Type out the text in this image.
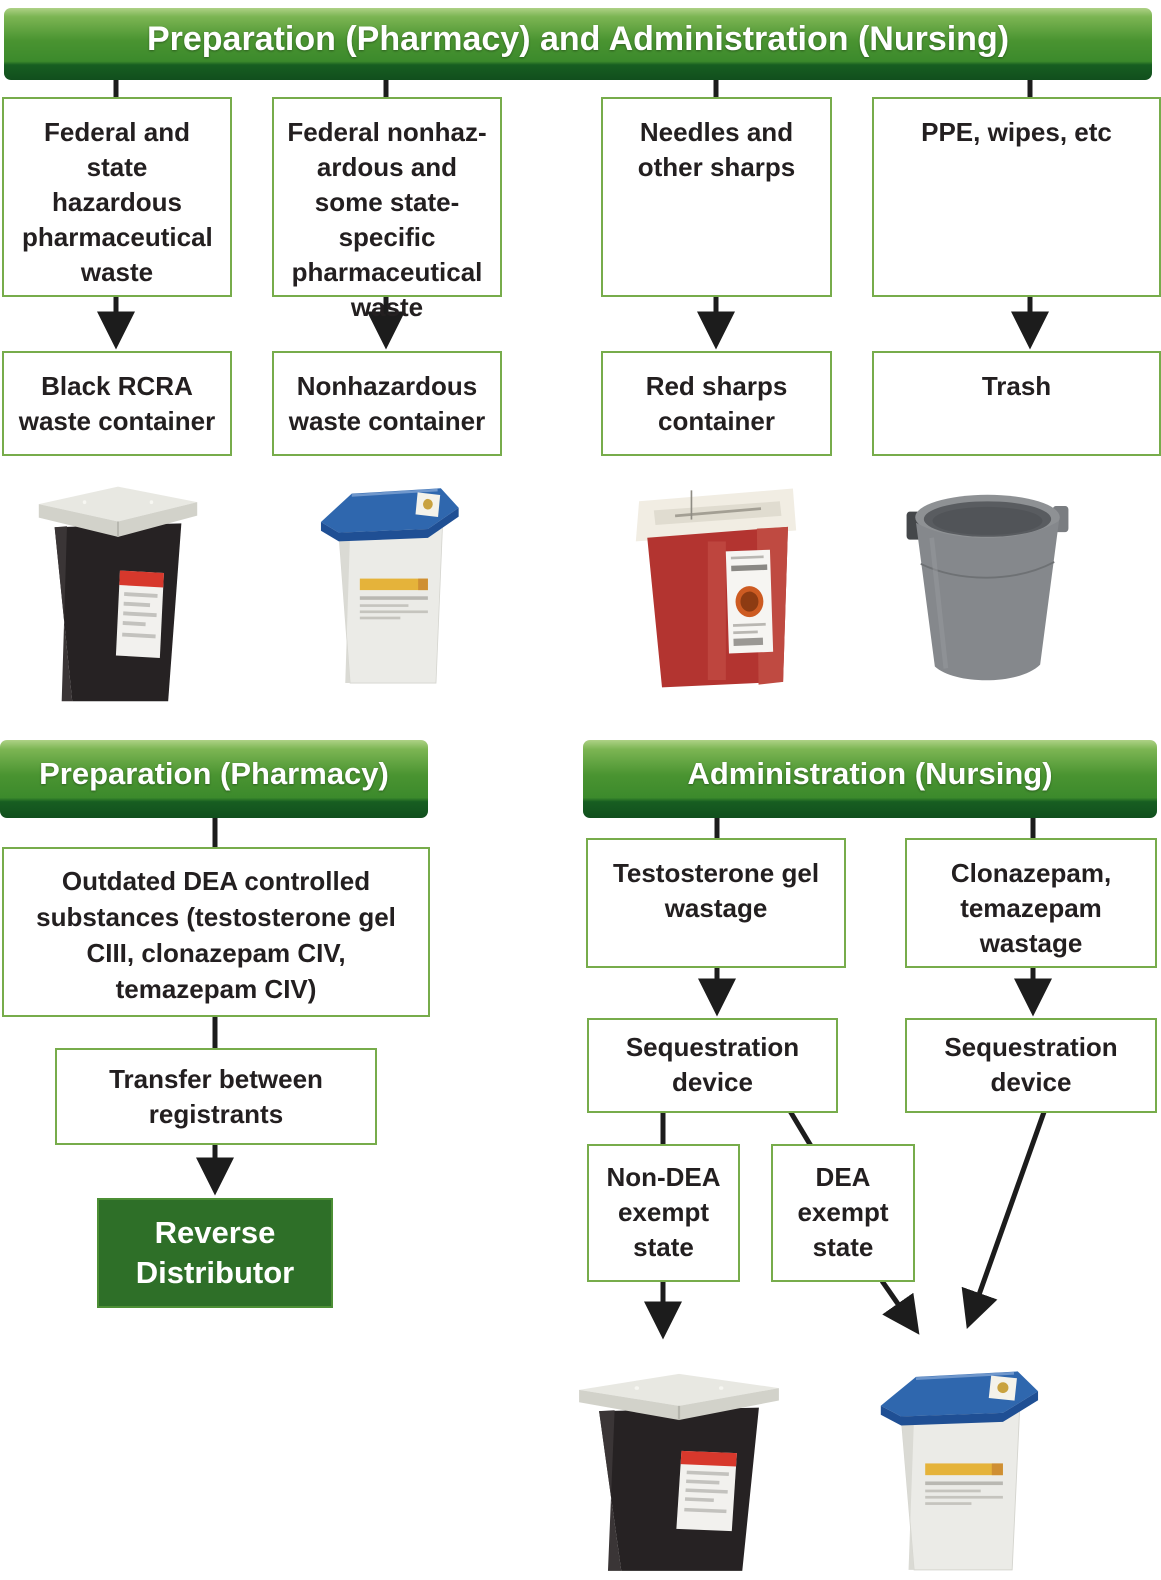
Preparation (Pharmacy) and Administration (Nursing)
Preparation (Pharmacy)	Administration (Nursing)
Federal and state hazardous pharmaceutical waste
Federal nonhaz-ardous and some state-specific pharmaceutical waste
Needles and other sharps
PPE, wipes, etc
Black RCRA waste container
Nonhazardous waste container
Red sharps container
Trash
Outdated DEA controlled substances (testosterone gel CIII, clonazepam CIV, temazepam CIV)
Transfer between registrants
Reverse Distributor
Testosterone gel wastage
Clonazepam, temazepam wastage
Sequestration device
Sequestration device
Non-DEA exempt state
DEA exempt state
